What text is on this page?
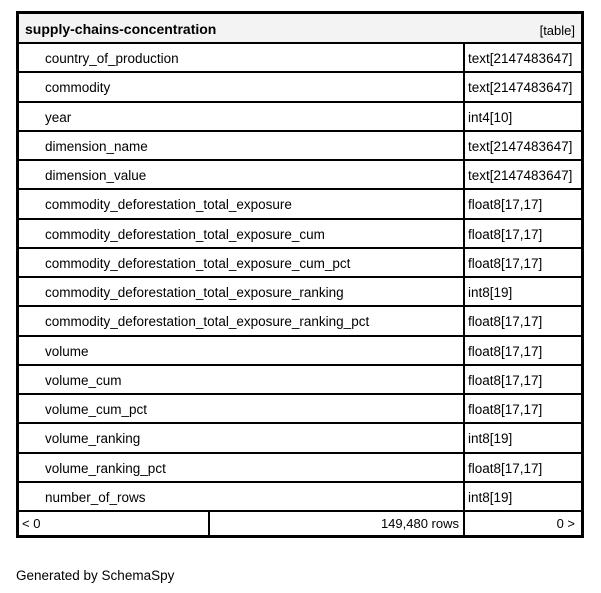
supply-chains-concentration	[table]
country_of_production	text[2147483647]
commodity	text[2147483647]
year	int4[10]
dimension_name	text[2147483647]
dimension_value	text[2147483647]
commodity_deforestation_total_exposure	float8[17,17]
commodity_deforestation_total_exposure_cum	float8[17,17]
commodity_deforestation_total_exposure_cum_pct	float8[17,17]
commodity_deforestation_total_exposure_ranking	int8[19]
commodity_deforestation_total_exposure_ranking_pct	float8[17,17]
volume	float8[17,17]
volume_cum	float8[17,17]
volume_cum_pct	float8[17,17]
volume_ranking	int8[19]
volume_ranking_pct	float8[17,17]
number_of_rows	int8[19]
< 0	149,480 rows	0 >
Generated by SchemaSpy
